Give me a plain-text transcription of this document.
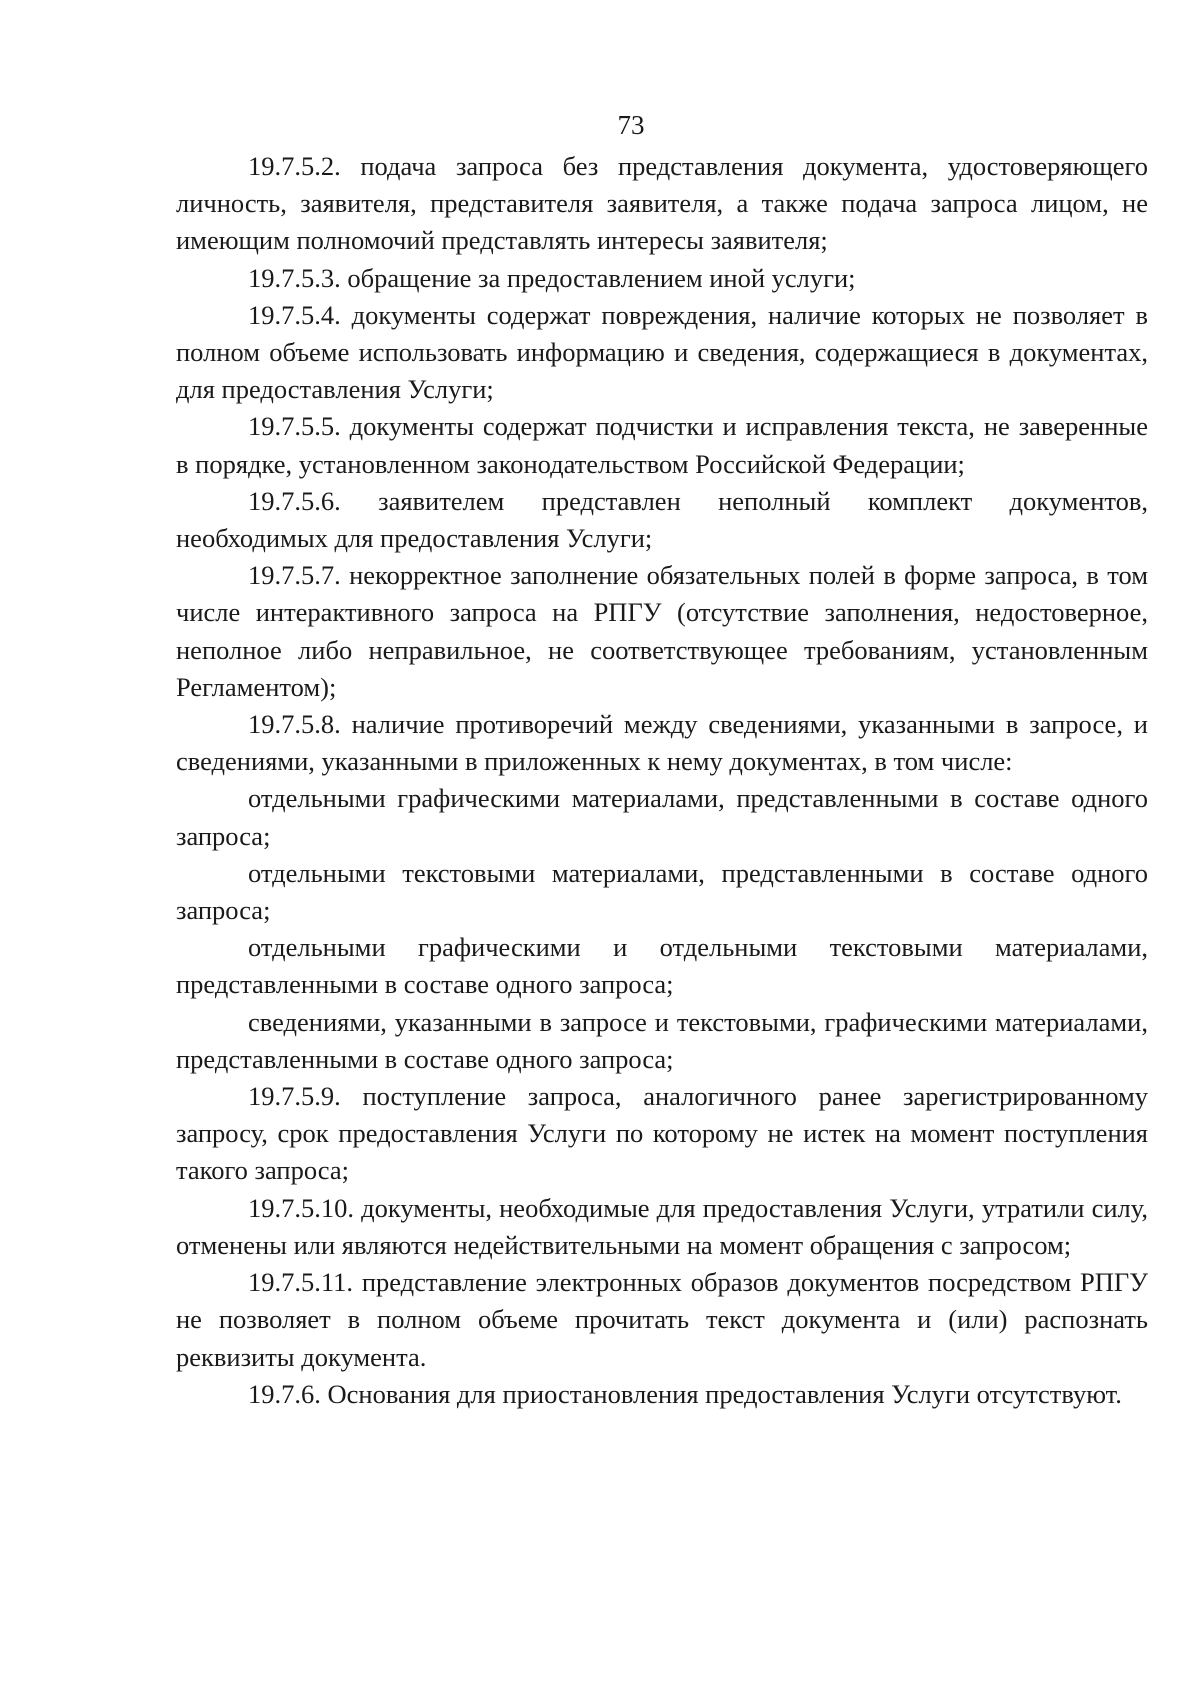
73

19.7.5.2. подача запроса без представления документа, удостоверяющего личность, заявителя, представителя заявителя, а также подача запроса лицом, не имеющим полномочий представлять интересы заявителя;

19.7.5.3. обращение за предоставлением иной услуги;

19.7.5.4. документы содержат повреждения, наличие которых не позволяет в полном объеме использовать информацию и сведения, содержащиеся в документах, для предоставления Услуги;

19.7.5.5. документы содержат подчистки и исправления текста, не заверенные в порядке, установленном законодательством Российской Федерации;

19.7.5.6. заявителем представлен неполный комплект документов, необходимых для предоставления Услуги;

19.7.5.7. некорректное заполнение обязательных полей в форме запроса, в том числе интерактивного запроса на РПГУ (отсутствие заполнения, недостоверное, неполное либо неправильное, не соответствующее требованиям, установленным Регламентом);

19.7.5.8. наличие противоречий между сведениями, указанными в запросе, и сведениями, указанными в приложенных к нему документах, в том числе:

отдельными графическими материалами, представленными в составе одного запроса;

отдельными текстовыми материалами, представленными в составе одного запроса;

отдельными графическими и отдельными текстовыми материалами, представленными в составе одного запроса;

сведениями, указанными в запросе и текстовыми, графическими материалами, представленными в составе одного запроса;

19.7.5.9. поступление запроса, аналогичного ранее зарегистрированному запросу, срок предоставления Услуги по которому не истек на момент поступления такого запроса;

19.7.5.10. документы, необходимые для предоставления Услуги, утратили силу, отменены или являются недействительными на момент обращения с запросом;

19.7.5.11. представление электронных образов документов посредством РПГУ не позволяет в полном объеме прочитать текст документа и (или) распознать реквизиты документа.

19.7.6. Основания для приостановления предоставления Услуги отсутствуют.
